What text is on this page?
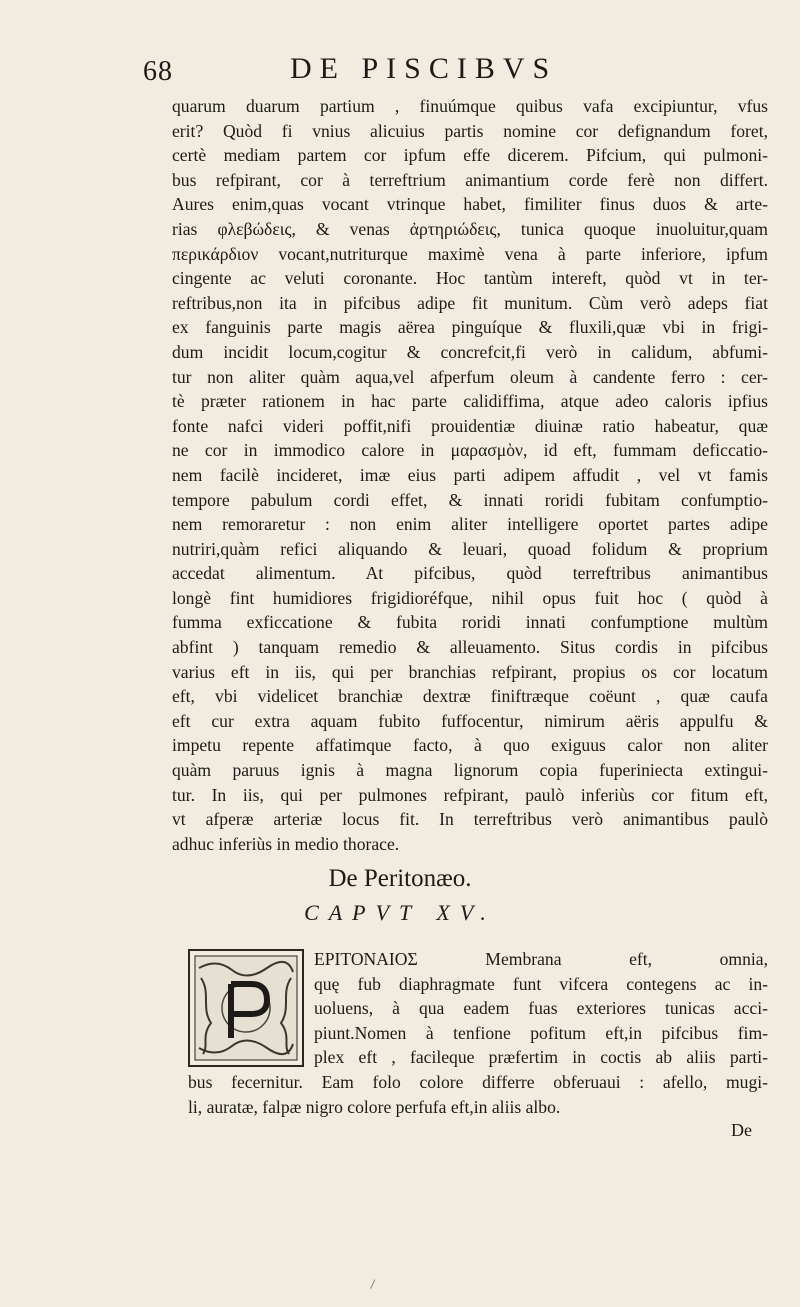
68	DE PISCIBVS
quarum duarum partium , finuúmque quibus vafa excipiuntur, vfus
erit? Quòd fi vnius alicuius partis nomine cor defignandum foret,
certè mediam partem cor ipfum effe dicerem. Pifcium, qui pulmoni-
bus refpirant, cor à terreftrium animantium corde ferè non differt.
Aures enim,quas vocant vtrinque habet, fimiliter finus duos & arte-
rias φλεβώδεις, & venas ἀρτηριώδεις, tunica quoque inuoluitur,quam
περικάρδιον vocant,nutriturque maximè vena à parte inferiore, ipfum
cingente ac veluti coronante. Hoc tantùm intereft, quòd vt in ter-
reftribus,non ita in pifcibus adipe fit munitum. Cùm verò adeps fiat
ex fanguinis parte magis aërea pinguíque & fluxili,quæ vbi in frigi-
dum incidit locum,cogitur & concrefcit,fi verò in calidum, abfumi-
tur non aliter quàm aqua,vel afperfum oleum à candente ferro : cer-
tè præter rationem in hac parte calidiffima, atque adeo caloris ipfius
fonte nafci videri poffit,nifi prouidentiæ diuinæ ratio habeatur, quæ
ne cor in immodico calore in μαρασμὸν, id eft, fummam deficcatio-
nem facilè incideret, imæ eius parti adipem affudit , vel vt famis
tempore pabulum cordi effet, & innati roridi fubitam confumptio-
nem remoraretur : non enim aliter intelligere oportet partes adipe
nutriri,quàm refici aliquando & leuari, quoad folidum & proprium
accedat alimentum. At pifcibus, quòd terreftribus animantibus
longè fint humidiores frigidioréfque, nihil opus fuit hoc ( quòd à
fumma exficcatione & fubita roridi innati confumptione multùm
abfint ) tanquam remedio & alleuamento. Situs cordis in pifcibus
varius eft in iis, qui per branchias refpirant, propius os cor locatum
eft, vbi videlicet branchiæ dextræ finiftræque coëunt , quæ caufa
eft cur extra aquam fubito fuffocentur, nimirum aëris appulfu &
impetu repente affatimque facto, à quo exiguus calor non aliter
quàm paruus ignis à magna lignorum copia fuperiniecta extingui-
tur. In iis, qui per pulmones refpirant, paulò inferiùs cor fitum eft,
vt afperæ arteriæ locus fit. In terreftribus verò animantibus paulò
adhuc inferiùs in medio thorace.
De Peritonæo.
CAPVT XV.
EPITONAIOΣ Membrana eft, omnia,
quę fub diaphragmate funt vifcera contegens ac in-
uoluens, à qua eadem fuas exteriores tunicas acci-
piunt.Nomen à tenfione pofitum eft,in pifcibus fim-
plex eft , facileque præfertim in coctis ab aliis parti-
bus fecernitur. Eam folo colore differre obferuaui : afello, mugi-
li, auratæ, falpæ nigro colore perfufa eft,in aliis albo.
De
